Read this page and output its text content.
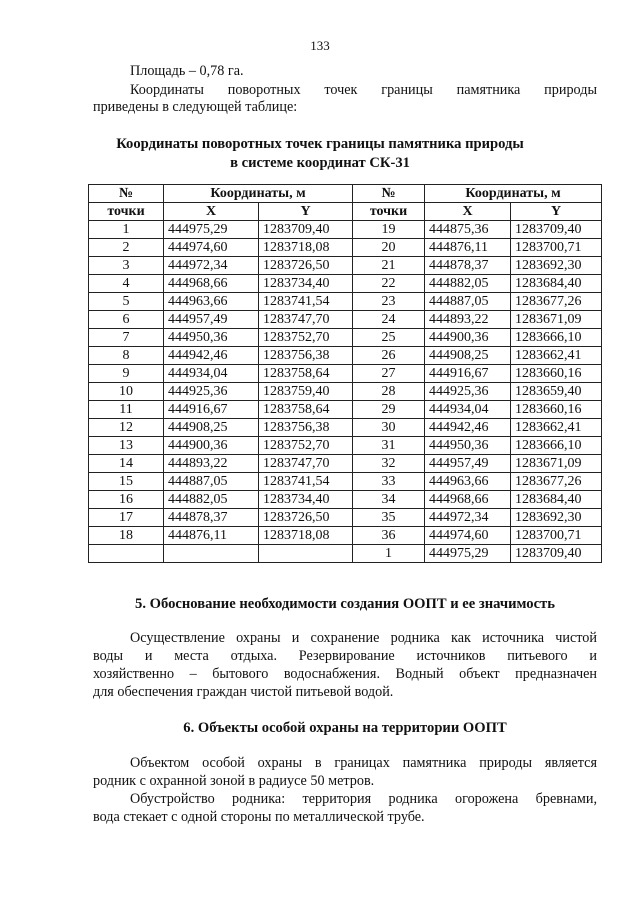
133
Площадь – 0,78 га.
Координаты поворотных точек границы памятника природы
приведены в следующей таблице:
Координаты поворотных точек границы памятника природы
в системе координат СК-31
№	Координаты, м		№	Координаты, м	
точки	X	Y	точки	X	Y
1	444975,29	1283709,40	19	444875,36	1283709,40
2	444974,60	1283718,08	20	444876,11	1283700,71
3	444972,34	1283726,50	21	444878,37	1283692,30
4	444968,66	1283734,40	22	444882,05	1283684,40
5	444963,66	1283741,54	23	444887,05	1283677,26
6	444957,49	1283747,70	24	444893,22	1283671,09
7	444950,36	1283752,70	25	444900,36	1283666,10
8	444942,46	1283756,38	26	444908,25	1283662,41
9	444934,04	1283758,64	27	444916,67	1283660,16
10	444925,36	1283759,40	28	444925,36	1283659,40
11	444916,67	1283758,64	29	444934,04	1283660,16
12	444908,25	1283756,38	30	444942,46	1283662,41
13	444900,36	1283752,70	31	444950,36	1283666,10
14	444893,22	1283747,70	32	444957,49	1283671,09
15	444887,05	1283741,54	33	444963,66	1283677,26
16	444882,05	1283734,40	34	444968,66	1283684,40
17	444878,37	1283726,50	35	444972,34	1283692,30
18	444876,11	1283718,08	36	444974,60	1283700,71
			1	444975,29	1283709,40
5. Обоснование необходимости создания ООПТ и ее значимость
Осуществление охраны и сохранение родника как источника чистой
воды и места отдыха. Резервирование источников питьевого и
хозяйственно – бытового водоснабжения. Водный объект предназначен
для обеспечения граждан чистой питьевой водой.
6. Объекты особой охраны на территории ООПТ
Объектом особой охраны в границах памятника природы является
родник с охранной зоной в радиусе 50 метров.
Обустройство родника: территория родника огорожена бревнами,
вода стекает с одной стороны по металлической трубе.
